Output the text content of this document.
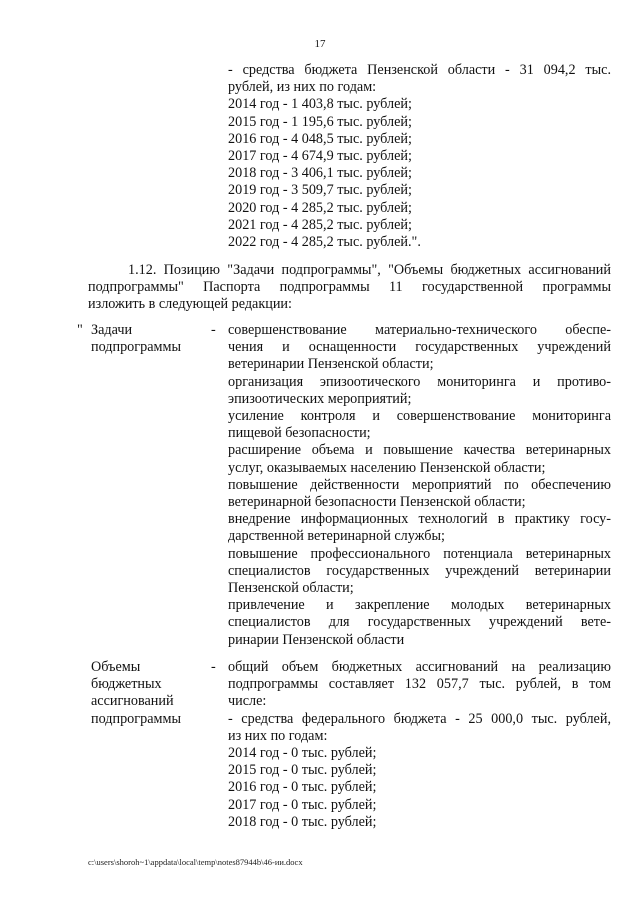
17

- средства бюджета Пензенской области - 31 094,2 тыс.

рублей, из них по годам:

2014 год - 1 403,8 тыс. рублей;

2015 год - 1 195,6 тыс. рублей;

2016 год - 4 048,5 тыс. рублей;

2017 год - 4 674,9 тыс. рублей;

2018 год - 3 406,1 тыс. рублей;

2019 год - 3 509,7 тыс. рублей;

2020 год - 4 285,2 тыс. рублей;

2021 год - 4 285,2 тыс. рублей;

2022 год - 4 285,2 тыс. рублей.".

1.12. Позицию "Задачи подпрограммы", "Объемы бюджетных ассигнований

подпрограммы" Паспорта подпрограммы 11 государственной программы

изложить в следующей редакции:

" Задачи

подпрограммы

- совершенствование материально-технического обеспе-

чения и оснащенности государственных учреждений

ветеринарии Пензенской области;

организация эпизоотического мониторинга и противо-

эпизоотических мероприятий;

усиление контроля и совершенствование мониторинга

пищевой безопасности;

расширение объема и повышение качества ветеринарных

услуг, оказываемых населению Пензенской области;

повышение действенности мероприятий по обеспечению

ветеринарной безопасности Пензенской области;

внедрение информационных технологий в практику госу-

дарственной ветеринарной службы;

повышение профессионального потенциала ветеринарных

специалистов государственных учреждений ветеринарии

Пензенской области;

привлечение и закрепление молодых ветеринарных

специалистов для государственных учреждений вете-

ринарии Пензенской области

Объемы

бюджетных

ассигнований

подпрограммы

- общий объем бюджетных ассигнований на реализацию

подпрограммы составляет 132 057,7 тыс. рублей, в том

числе:

- средства федерального бюджета - 25 000,0 тыс. рублей,

из них по годам:

2014 год - 0 тыс. рублей;

2015 год - 0 тыс. рублей;

2016 год - 0 тыс. рублей;

2017 год - 0 тыс. рублей;

2018 год - 0 тыс. рублей;

c:\users\shoroh~1\appdata\local\temp\notes87944b\46-ии.docx
